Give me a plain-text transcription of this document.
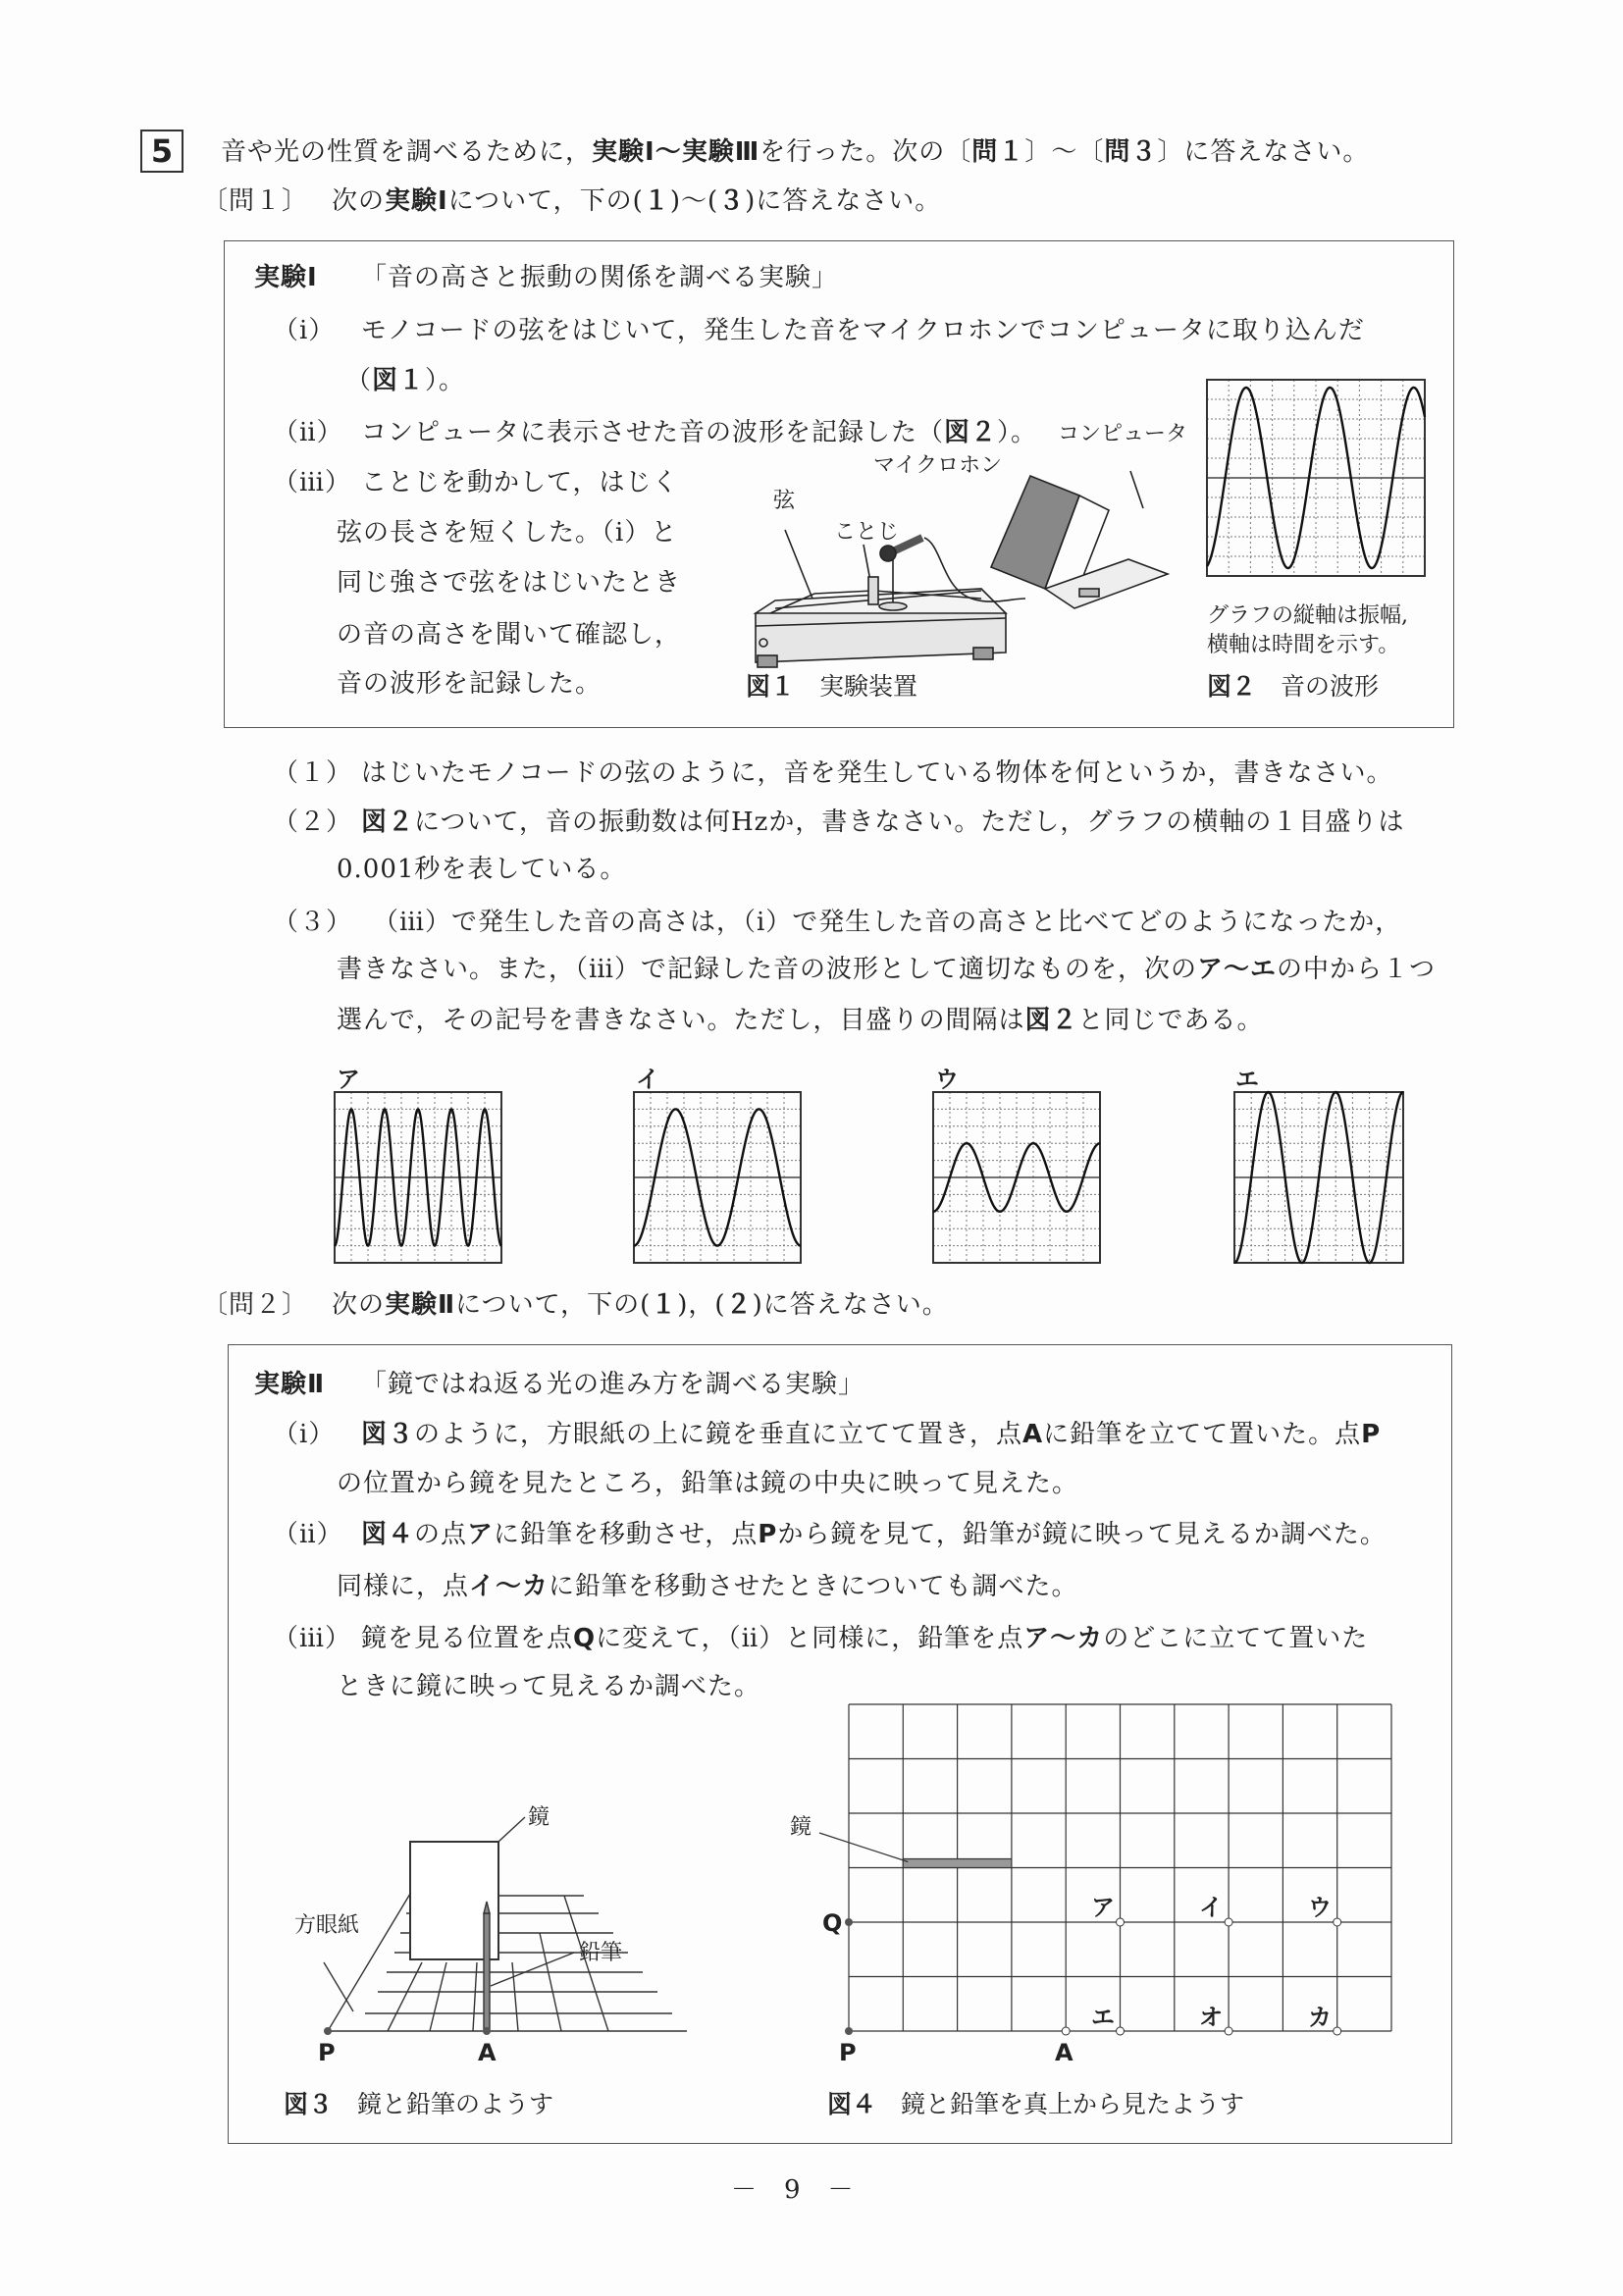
5	音や光の性質を調べるために，実験Ⅰ～実験Ⅲを行った。次の〔問１〕～〔問３〕に答えなさい。
〔問１〕 次の実験Ⅰについて，下の(１)～(３)に答えなさい。
実験Ⅰ 「音の高さと振動の関係を調べる実験」
（ⅰ） モノコードの弦をはじいて，発生した音をマイクロホンでコンピュータに取り込んだ
（図１）。
（ⅱ） コンピュータに表示させた音の波形を記録した（図２）。
（ⅲ） ことじを動かして，はじく
弦の長さを短くした。（ⅰ）と
同じ強さで弦をはじいたとき
の音の高さを聞いて確認し，
音の波形を記録した。
コンピュータ
マイクロホン
弦
ことじ
図１　 実験装置
グラフの縦軸は振幅,
横軸は時間を示す。
図２　 音の波形
（１） はじいたモノコードの弦のように，音を発生している物体を何というか，書きなさい。
（２） 図２について，音の振動数は何Hzか，書きなさい。ただし，グラフの横軸の１目盛りは
0.001秒を表している。
（３） （ⅲ）で発生した音の高さは，（ⅰ）で発生した音の高さと比べてどのようになったか，
書きなさい。また，（ⅲ）で記録した音の波形として適切なものを，次のア～エの中から１つ
選んで，その記号を書きなさい。ただし，目盛りの間隔は図２と同じである。
ア	イ	ウ	エ
〔問２〕 次の実験Ⅱについて，下の(１)，(２)に答えなさい。
実験Ⅱ 「鏡ではね返る光の進み方を調べる実験」
（ⅰ） 図３のように，方眼紙の上に鏡を垂直に立てて置き，点Aに鉛筆を立てて置いた。点P
の位置から鏡を見たところ，鉛筆は鏡の中央に映って見えた。
（ⅱ） 図４の点アに鉛筆を移動させ，点Pから鏡を見て，鉛筆が鏡に映って見えるか調べた。
同様に，点イ～カに鉛筆を移動させたときについても調べた。
（ⅲ） 鏡を見る位置を点Qに変えて，（ⅱ）と同様に，鉛筆を点ア～カのどこに立てて置いた
ときに鏡に映って見えるか調べた。
鏡
方眼紙
鉛筆
P	A
図３　 鏡と鉛筆のようす
鏡
Q
P	A
ア	イ	ウ
エ	オ	カ
図４　 鏡と鉛筆を真上から見たようす
－　9　－
